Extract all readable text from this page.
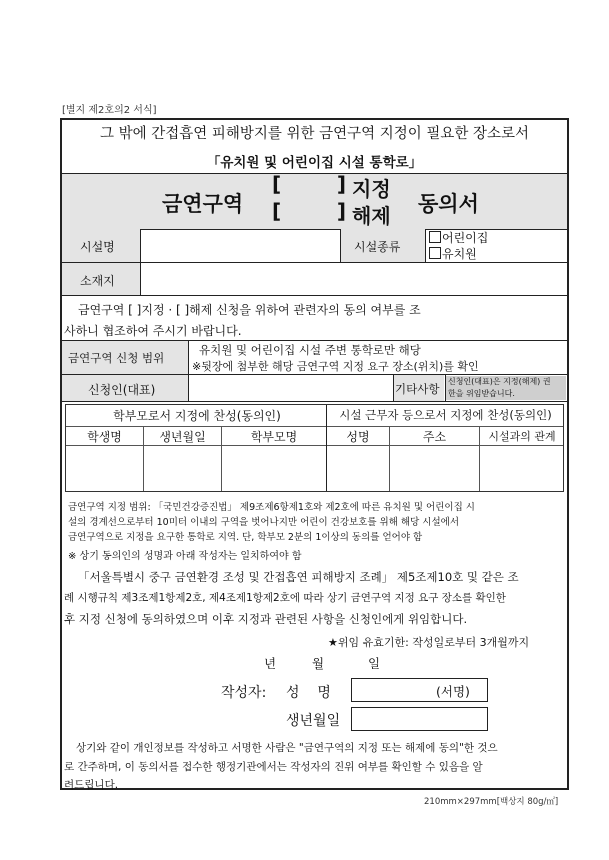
[별지 제2호의2 서식]
그 밖에 간접흡연 피해방지를 위한 금연구역 지정이 필요한 장소로서
「유치원 및 어린이집 시설 통학로」
금연구역
[        ] 지정
[        ] 해제 동의서
시설명	시설종류
어린이집
유치원
소재지
금연구역 [ ]지정 · [ ]해제 신청을 위하여 관련자의 동의 여부를 조
사하니 협조하여 주시기 바랍니다.
금연구역 신청 범위
유치원 및 어린이집 시설 주변 통학로만 해당
※뒷장에 첨부한 해당 금연구역 지정 요구 장소(위치)를 확인
신청인(대표)	기타사항
신청인(대표)은 지정(해제) 권
한을 위임받습니다.
학부모로서 지정에 찬성(동의인)	시설 근무자 등으로서 지정에 찬성(동의인)
학생명	생년월일	학부모명	성명	주소	시설과의 관계
금연구역 지정 범위: 「국민건강증진법」 제9조제6항제1호와 제2호에 따른 유치원 및 어린이집 시
설의 경계선으로부터 10미터 이내의 구역을 벗어나지만 어린이 건강보호를 위해 해당 시설에서
금연구역으로 지정을 요구한 통학로 지역. 단, 학부모 2분의 1이상의 동의를 얻어야 함
※ 상기 동의인의 성명과 아래 작성자는 일치하여야 함
「서울특별시 중구 금연환경 조성 및 간접흡연 피해방지 조례」 제5조제10호 및 같은 조
례 시행규칙 제3조제1항제2호, 제4조제1항제2호에 따라 상기 금연구역 지정 요구 장소를 확인한
후 지정 신청에 동의하였으며 이후 지정과 관련된 사항을 신청인에게 위임합니다.
★위임 유효기한: 작성일로부터 3개월까지
년	월	일
작성자: 성    명	(서명)
생년월일
상기와 같이 개인정보를 작성하고 서명한 사람은 "금연구역의 지정 또는 해제에 동의"한 것으
로 간주하며, 이 동의서를 접수한 행정기관에서는 작성자의 진위 여부를 확인할 수 있음을 알
려드립니다.
210mm×297mm[백상지 80g/㎡]
